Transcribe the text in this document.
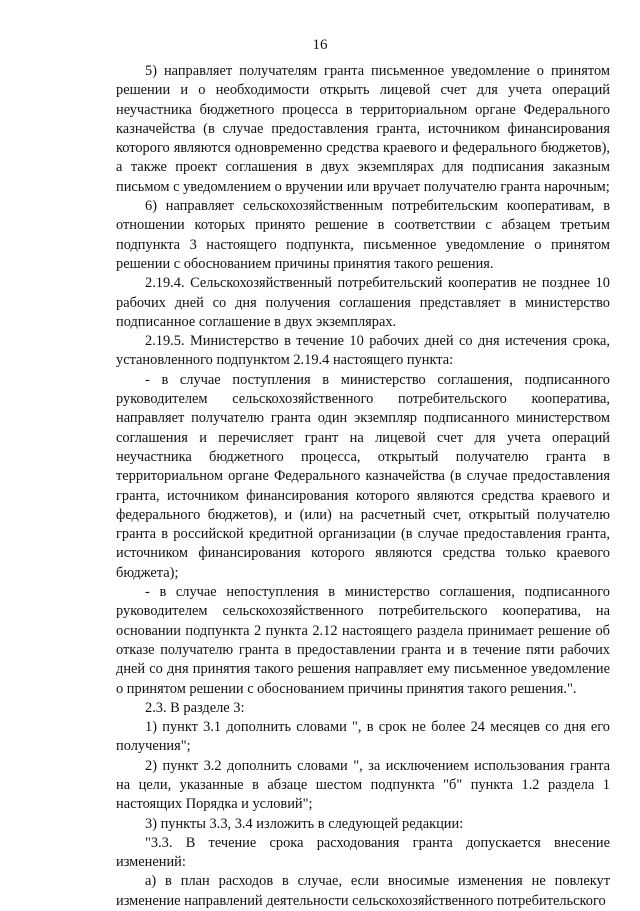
16

5) направляет получателям гранта письменное уведомление о принятом решении и о необходимости открыть лицевой счет для учета операций неучастника бюджетного процесса в территориальном органе Федерального казначейства (в случае предоставления гранта, источником финансирования которого являются одновременно средства краевого и федерального бюджетов), а также проект соглашения в двух экземплярах для подписания заказным письмом с уведомлением о вручении или вручает получателю гранта нарочным;

6) направляет сельскохозяйственным потребительским кооперативам, в отношении которых принято решение в соответствии с абзацем третьим подпункта 3 настоящего подпункта, письменное уведомление о принятом решении с обоснованием причины принятия такого решения.

2.19.4. Сельскохозяйственный потребительский кооператив не позднее 10 рабочих дней со дня получения соглашения представляет в министерство подписанное соглашение в двух экземплярах.

2.19.5. Министерство в течение 10 рабочих дней со дня истечения срока, установленного подпунктом 2.19.4 настоящего пункта:

- в случае поступления в министерство соглашения, подписанного руководителем сельскохозяйственного потребительского кооператива, направляет получателю гранта один экземпляр подписанного министерством соглашения и перечисляет грант на лицевой счет для учета операций неучастника бюджетного процесса, открытый получателю гранта в территориальном органе Федерального казначейства (в случае предоставления гранта, источником финансирования которого являются средства краевого и федерального бюджетов), и (или) на расчетный счет, открытый получателю гранта в российской кредитной организации (в случае предоставления гранта, источником финансирования которого являются средства только краевого бюджета);

- в случае непоступления в министерство соглашения, подписанного руководителем сельскохозяйственного потребительского кооператива, на основании подпункта 2 пункта 2.12 настоящего раздела принимает решение об отказе получателю гранта в предоставлении гранта и в течение пяти рабочих дней со дня принятия такого решения направляет ему письменное уведомление о принятом решении с обоснованием причины принятия такого решения.".

2.3. В разделе 3:

1) пункт 3.1 дополнить словами ", в срок не более 24 месяцев со дня его получения";

2) пункт 3.2 дополнить словами ", за исключением использования гранта на цели, указанные в абзаце шестом подпункта "б" пункта 1.2 раздела 1 настоящих Порядка и условий";

3) пункты 3.3, 3.4 изложить в следующей редакции:

"3.3. В течение срока расходования гранта допускается внесение изменений:

а) в план расходов в случае, если вносимые изменения не повлекут изменение направлений деятельности сельскохозяйственного потребительского
